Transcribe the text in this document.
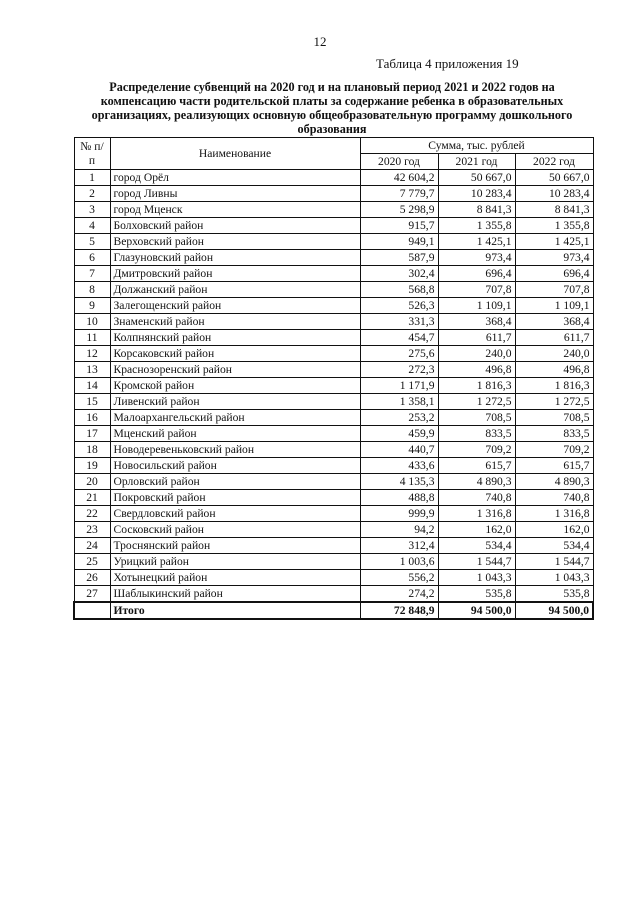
12
Таблица 4 приложения 19
Распределение субвенций на 2020 год и на плановый период 2021 и 2022 годов на
компенсацию части родительской платы за содержание ребенка в образовательных
организациях, реализующих основную общеобразовательную программу дошкольного
образования
№ п/п	Наименование	Сумма, тыс. рублей		
		2020 год	2021 год	2022 год
1	город Орёл	42 604,2	50 667,0	50 667,0
2	город Ливны	7 779,7	10 283,4	10 283,4
3	город Мценск	5 298,9	8 841,3	8 841,3
4	Болховский район	915,7	1 355,8	1 355,8
5	Верховский район	949,1	1 425,1	1 425,1
6	Глазуновский район	587,9	973,4	973,4
7	Дмитровский район	302,4	696,4	696,4
8	Должанский район	568,8	707,8	707,8
9	Залегощенский район	526,3	1 109,1	1 109,1
10	Знаменский район	331,3	368,4	368,4
11	Колпнянский район	454,7	611,7	611,7
12	Корсаковский район	275,6	240,0	240,0
13	Краснозоренский район	272,3	496,8	496,8
14	Кромской район	1 171,9	1 816,3	1 816,3
15	Ливенский район	1 358,1	1 272,5	1 272,5
16	Малоархангельский район	253,2	708,5	708,5
17	Мценский район	459,9	833,5	833,5
18	Новодеревеньковский район	440,7	709,2	709,2
19	Новосильский район	433,6	615,7	615,7
20	Орловский район	4 135,3	4 890,3	4 890,3
21	Покровский район	488,8	740,8	740,8
22	Свердловский район	999,9	1 316,8	1 316,8
23	Сосковский район	94,2	162,0	162,0
24	Троснянский район	312,4	534,4	534,4
25	Урицкий район	1 003,6	1 544,7	1 544,7
26	Хотынецкий район	556,2	1 043,3	1 043,3
27	Шаблыкинский район	274,2	535,8	535,8
	Итого	72 848,9	94 500,0	94 500,0
